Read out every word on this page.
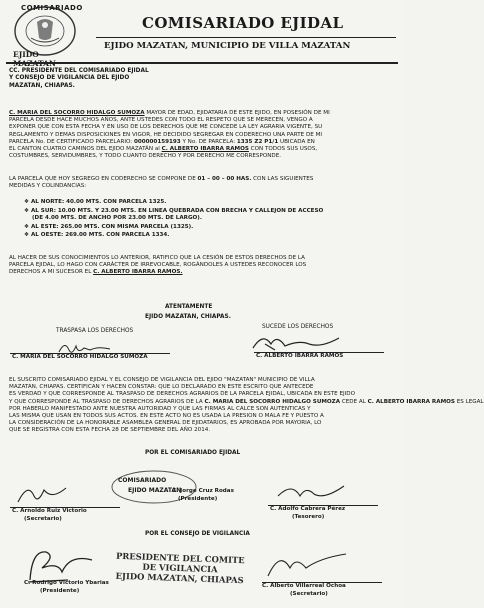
COMISARIADO
EJIDO MAZATAN
COMISARIADO EJIDAL
EJIDO MAZATAN, MUNICIPIO DE VILLA MAZATAN
CC. PRESIDENTE DEL COMISARIADO EJIDAL
Y CONSEJO DE VIGILANCIA DEL EJIDO
MAZATAN, CHIAPAS.
C. MARIA DEL SOCORRO HIDALGO SUMOZA MAYOR DE EDAD, EJIDATARIA DE ESTE EJIDO, EN POSESIÓN DE MI
PARCELA DESDE HACE MUCHOS AÑOS, ANTE USTEDES CON TODO EL RESPETO QUE SE MERECEN, VENGO A
EXPONER QUE CON ESTA FECHA Y EN USO DE LOS DERECHOS QUE ME CONCEDE LA LEY AGRARIA VIGENTE, SU
REGLAMENTO Y DEMAS DISPOSICIONES EN VIGOR, HE DECIDIDO SEGREGAR EN CODERECHO UNA PARTE DE MI
PARCELA No. DE CERTIFICADO PARCELARIO: 000000159193 Y No. DE PARCELA: 1335 Z2 P1/1 UBICADA EN
EL CANTON CUATRO CAMINOS DEL EJIDO MAZATÁN al C. ALBERTO IBARRA RAMOS CON TODOS SUS USOS,
COSTUMBRES, SERVIDUMBRES, Y TODO CUANTO DERECHO Y POR DERECHO ME CORRESPONDE.
LA PARCELA QUE HOY SEGREGO EN CODERECHO SE COMPONE DE 01 – 00 – 00 HAS. CON LAS SIGUIENTES
MEDIDAS Y COLINDANCIAS:
❖ AL NORTE: 40.00 MTS. CON PARCELA 1325.
❖ AL SUR: 10.00 MTS. Y 23.00 MTS. EN LINEA QUEBRADA CON BRECHA Y CALLEJON DE ACCESO
(DE 4.00 MTS. DE ANCHO POR 23.00 MTS. DE LARGO).
❖ AL ESTE: 265.00 MTS. CON MISMA PARCELA (1325).
❖ AL OESTE: 269.00 MTS. CON PARCELA 1334.
AL HACER DE SUS CONOCIMIENTOS LO ANTERIOR, RATIFICO QUE LA CESIÓN DE ESTOS DERECHOS DE LA
PARCELA EJIDAL, LO HAGO CON CARÁCTER DE IRREVOCABLE, ROGÁNDOLES A USTEDES RECONOCER LOS
DERECHOS A MI SUCESOR EL C. ALBERTO IBARRA RAMOS.
ATENTAMENTE
EJIDO MAZATAN, CHIAPAS.
TRASPASA LOS DERECHOS
C. MARIA DEL SOCORRO HIDALGO SUMOZA
SUCEDE LOS DERECHOS
C. ALBERTO IBARRA RAMOS
EL SUSCRITO COMISARIADO EJIDAL Y EL CONSEJO DE VIGILANCIA DEL EJIDO "MAZATAN" MUNICIPIO DE VILLA
MAZATAN, CHIAPAS. CERTIFICAN Y HACEN CONSTAR: QUE LO DECLARADO EN ESTE ESCRITO QUE ANTECEDE
ES VERDAD Y QUE CORRESPONDE AL TRASPASO DE DERECHOS AGRARIOS DE LA PARCELA EJIDAL, UBICADA EN ESTE EJIDO
Y QUE CORRESPONDE AL TRASPASO DE DERECHOS AGRARIOS DE LA C. MARIA DEL SOCORRO HIDALGO SUMOZA CEDE AL C. ALBERTO IBARRA RAMOS ES LEGAL
POR HABERLO MANIFESTADO ANTE NUESTRA AUTORIDAD Y QUE LAS FIRMAS AL CALCE SON AUTENTICAS Y
LAS MISMA QUE USAN EN TODOS SUS ACTOS. EN ESTE ACTO NO ES USADA LA PRESION O MALA FE Y PUESTO A
LA CONSIDERACIÓN DE LA HONORABLE ASAMBLEA GENERAL DE EJIDATARIOS, ES APROBADA POR MAYORIA, LO
QUE SE REGISTRA CON ESTA FECHA 28 DE SEPTIEMBRE DEL AÑO 2014.
POR EL COMISARIADO EJIDAL
COMISARIADO
EJIDO MAZATAN
C. Jorge Cruz Rodas
(Presidente)
C. Arnoldo Ruiz Victorio
(Secretario)
C. Adolfo Cabrera Pérez
(Tesorero)
POR EL CONSEJO DE VIGILANCIA
PRESIDENTE DEL COMITE
DE VIGILANCIA
EJIDO MAZATAN, CHIAPAS
C. Rodrigo Victorio Ybarias
(Presidente)
C. Alberto Villarreal Ochoa
(Secretario)
